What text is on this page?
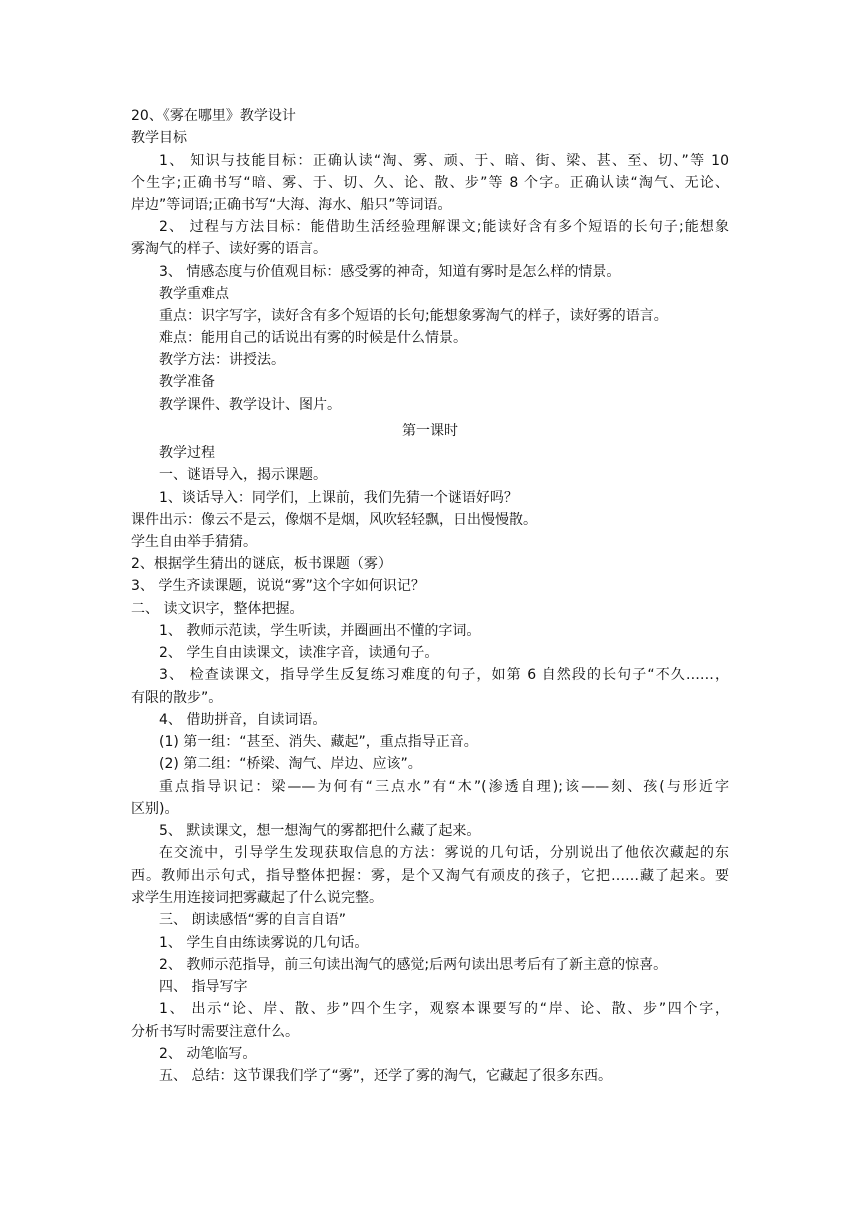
20、《雾在哪里》教学设计
教学目标
1、 知识与技能目标：正确认读“淘、雾、顽、于、暗、街、梁、甚、至、切、”等 10
个生字;正确书写“暗、雾、于、切、久、论、散、步”等 8 个字。正确认读“淘气、无论、
岸边”等词语;正确书写“大海、海水、船只”等词语。
2、 过程与方法目标：能借助生活经验理解课文;能读好含有多个短语的长句子;能想象
雾淘气的样子、读好雾的语言。
3、 情感态度与价值观目标：感受雾的神奇，知道有雾时是怎么样的情景。
教学重难点
重点：识字写字，读好含有多个短语的长句;能想象雾淘气的样子，读好雾的语言。
难点：能用自己的话说出有雾的时候是什么情景。
教学方法：讲授法。
教学准备
教学课件、教学设计、图片。
第一课时
教学过程
一、谜语导入，揭示课题。
1、谈话导入：同学们，上课前，我们先猜一个谜语好吗？
课件出示：像云不是云，像烟不是烟，风吹轻轻飘，日出慢慢散。
学生自由举手猜猜。
2、根据学生猜出的谜底，板书课题（雾）
3、 学生齐读课题，说说“雾”这个字如何识记？
二、 读文识字，整体把握。
1、 教师示范读，学生听读，并圈画出不懂的字词。
2、 学生自由读课文，读准字音，读通句子。
3、 检查读课文，指导学生反复练习难度的句子，如第 6 自然段的长句子“不久……，
有限的散步”。
4、 借助拼音，自读词语。
(1) 第一组：“甚至、消失、藏起”，重点指导正音。
(2) 第二组：“桥梁、淘气、岸边、应该”。
重点指导识记：梁——为何有“三点水”有“木”(渗透自理);该——刻、孩(与形近字
区别)。
5、 默读课文，想一想淘气的雾都把什么藏了起来。
在交流中，引导学生发现获取信息的方法：雾说的几句话，分别说出了他依次藏起的东
西。教师出示句式，指导整体把握：雾，是个又淘气有顽皮的孩子，它把……藏了起来。要
求学生用连接词把雾藏起了什么说完整。
三、 朗读感悟“雾的自言自语”
1、 学生自由练读雾说的几句话。
2、 教师示范指导，前三句读出淘气的感觉;后两句读出思考后有了新主意的惊喜。
四、 指导写字
1、 出示“论、岸、散、步”四个生字，观察本课要写的“岸、论、散、步”四个字，
分析书写时需要注意什么。
2、 动笔临写。
五、 总结：这节课我们学了“雾”，还学了雾的淘气，它藏起了很多东西。
